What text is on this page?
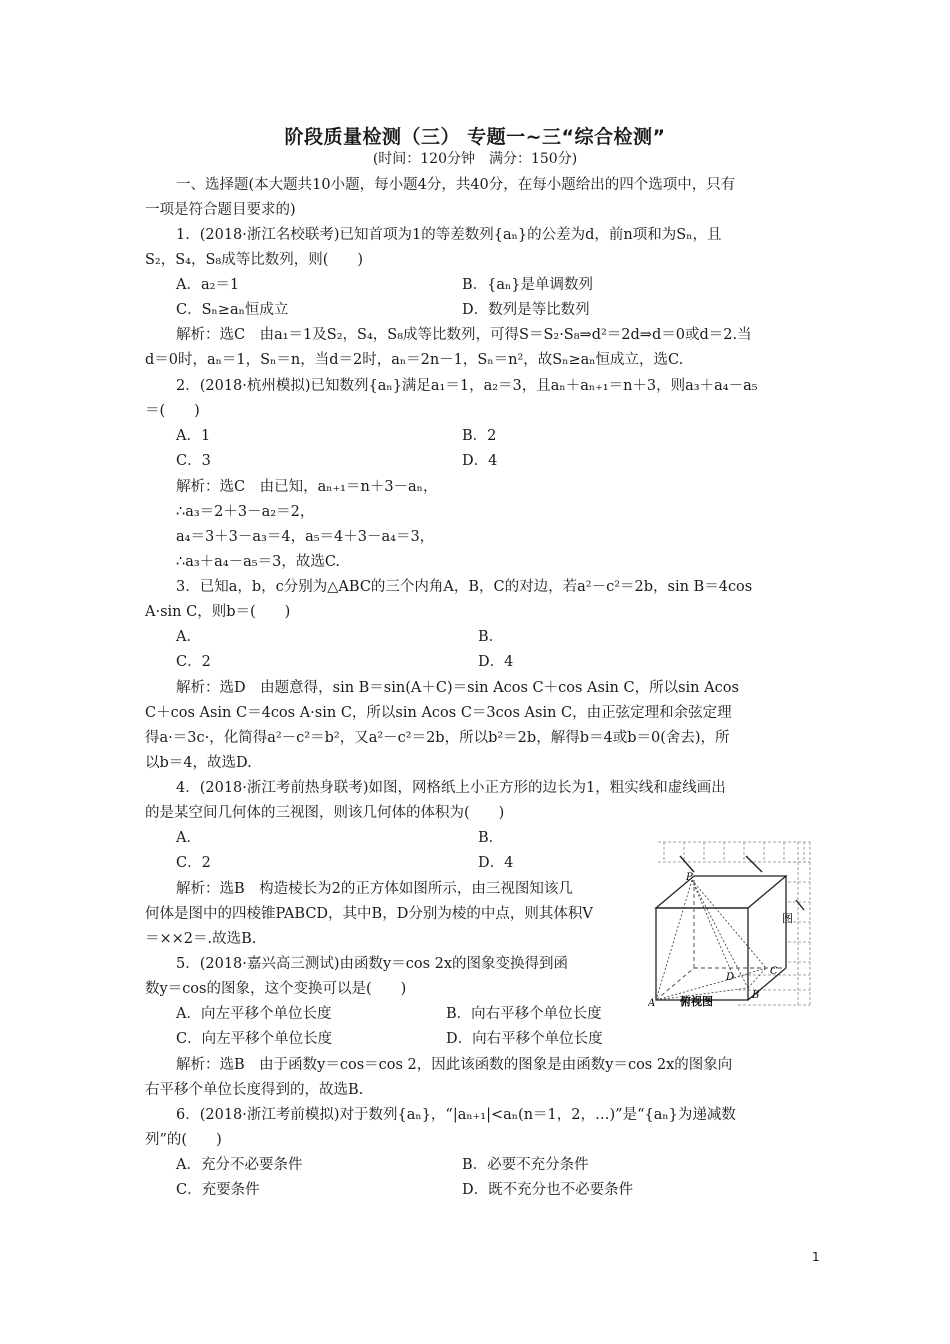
阶段质量检测（三） 专题一~三“综合检测”
(时间：120分钟　满分：150分)
一、选择题(本大题共10小题，每小题4分，共40分，在每小题给出的四个选项中，只有
一项是符合题目要求的)
1．(2018·浙江名校联考)已知首项为1的等差数列{aₙ}的公差为d，前n项和为Sₙ，且
S₂，S₄，S₈成等比数列，则(　　)
解析：选C　由a₁＝1及S₂，S₄，S₈成等比数列，可得S＝S₂·S₈⇒d²＝2d⇒d＝0或d＝2.当
d＝0时，aₙ＝1，Sₙ＝n，当d＝2时，aₙ＝2n－1，Sₙ＝n²，故Sₙ≥aₙ恒成立，选C.
2．(2018·杭州模拟)已知数列{aₙ}满足a₁＝1，a₂＝3，且aₙ＋aₙ₊₁＝n＋3，则a₃＋a₄－a₅
＝(　　)
解析：选C　由已知，aₙ₊₁＝n＋3－aₙ，
∴a₃＝2＋3－a₂＝2，
a₄＝3＋3－a₃＝4，a₅＝4＋3－a₄＝3，
∴a₃＋a₄－a₅＝3，故选C.
3．已知a，b，c分别为△ABC的三个内角A，B，C的对边，若a²－c²＝2b，sin B＝4cos
A·sin C，则b＝(　　)
解析：选D　由题意得，sin B＝sin(A＋C)＝sin Acos C＋cos Asin C，所以sin Acos
C＋cos Asin C＝4cos A·sin C，所以sin Acos C＝3cos Asin C，由正弦定理和余弦定理
得a·＝3c·，化简得a²－c²＝b²，又a²－c²＝2b，所以b²＝2b，解得b＝4或b＝0(舍去)，所
以b＝4，故选D.
4．(2018·浙江考前热身联考)如图，网格纸上小正方形的边长为1，粗实线和虚线画出
的是某空间几何体的三视图，则该几何体的体积为(　　)
解析：选B　构造棱长为2的正方体如图所示，由三视图知该几
何体是图中的四棱锥PABCD，其中B，D分别为棱的中点，则其体积V
＝××2＝.故选B.
5．(2018·嘉兴高三测试)由函数y＝cos 2x的图象变换得到函
数y＝cos的图象，这个变换可以是(　　)
解析：选B　由于函数y＝cos＝cos 2，因此该函数的图象是由函数y＝cos 2x的图象向
右平移个单位长度得到的，故选B.
6．(2018·浙江考前模拟)对于数列{aₙ}，“|aₙ₊₁|<aₙ(n＝1，2，…)”是“{aₙ}为递减数
列”的(　　)
A．a₂＝1	B．{aₙ}是单调数列
C．Sₙ≥aₙ恒成立	D．数列是等比数列
A．1	B．2
C．3	D．4
A．	B．
C．2	D．4
A．	B．
C．2	D．4
A．向左平移个单位长度	B．向右平移个单位长度
C．向左平移个单位长度	D．向右平移个单位长度
A．充分不必要条件	B．必要不充分条件
C．充要条件	D．既不充分也不必要条件
P
A
B
C
D
图
俯视图
1
